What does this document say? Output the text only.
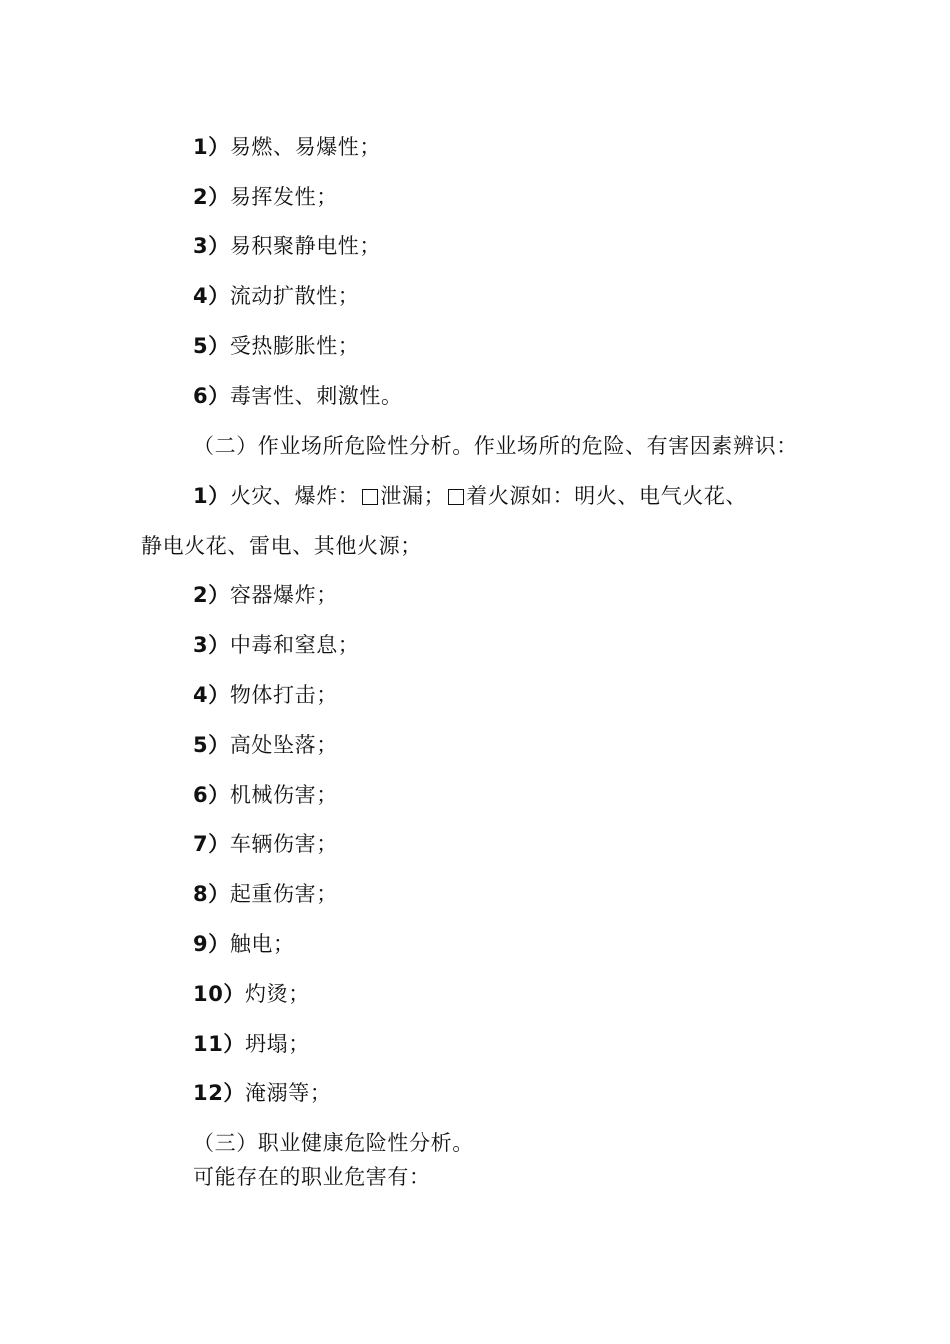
1）易燃、易爆性；
2）易挥发性；
3）易积聚静电性；
4）流动扩散性；
5）受热膨胀性；
6）毒害性、刺激性。
（二）作业场所危险性分析。作业场所的危险、有害因素辨识：
1）火灾、爆炸： 泄漏； 着火源如：明火、电气火花、
静电火花、雷电、其他火源；
2）容器爆炸；
3）中毒和窒息；
4）物体打击；
5）高处坠落；
6）机械伤害；
7）车辆伤害；
8）起重伤害；
9）触电；
10）灼烫；
11）坍塌；
12）淹溺等；
（三）职业健康危险性分析。
可能存在的职业危害有：
